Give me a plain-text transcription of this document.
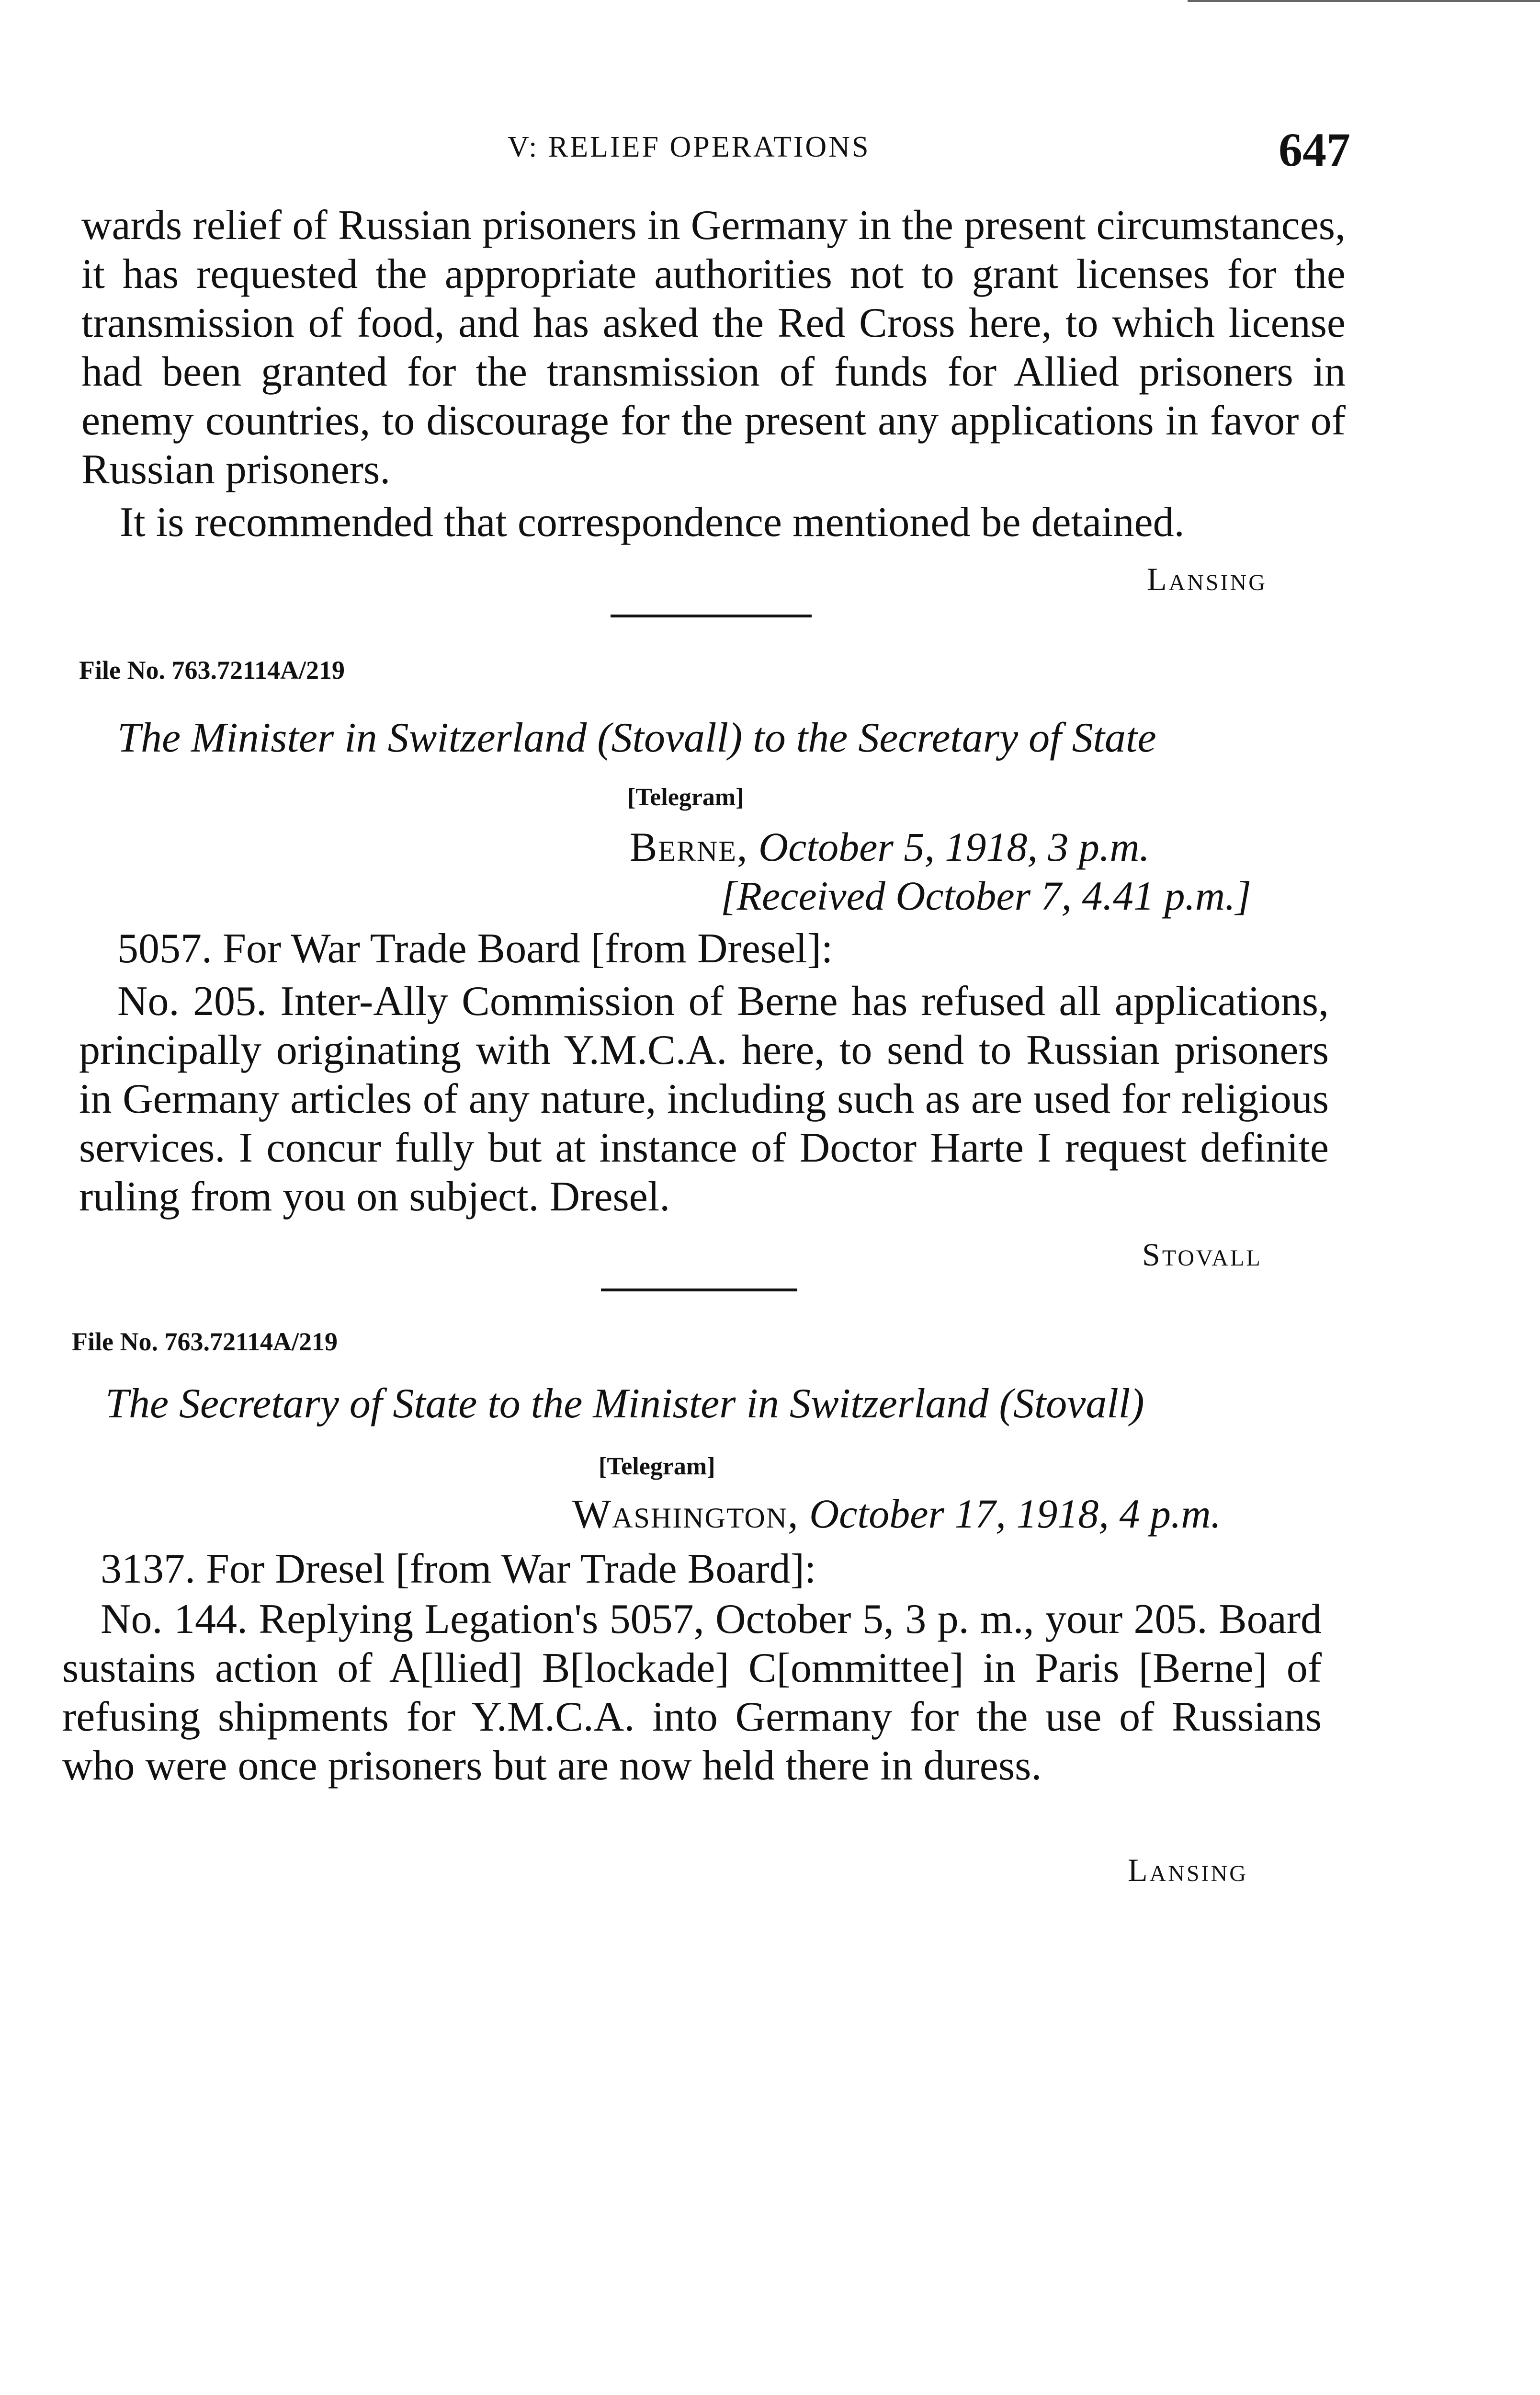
V: RELIEF OPERATIONS	647

wards relief of Russian prisoners in Germany in the present circumstances, it has requested the appropriate authorities not to grant licenses for the transmission of food, and has asked the Red Cross here, to which license had been granted for the transmission of funds for Allied prisoners in enemy countries, to discourage for the present any applications in favor of Russian prisoners.

It is recommended that correspondence mentioned be detained.

Lansing
File No. 763.72114A/219
The Minister in Switzerland (Stovall) to the Secretary of State
[Telegram]
Berne, October 5, 1918, 3 p.m.
[Received October 7, 4.41 p.m.]

5057. For War Trade Board [from Dresel]:

No. 205. Inter-Ally Commission of Berne has refused all applications, principally originating with Y.M.C.A. here, to send to Russian prisoners in Germany articles of any nature, including such as are used for religious services. I concur fully but at instance of Doctor Harte I request definite ruling from you on subject. Dresel.

Stovall
File No. 763.72114A/219
The Secretary of State to the Minister in Switzerland (Stovall)
[Telegram]
Washington, October 17, 1918, 4 p.m.

3137. For Dresel [from War Trade Board]:

No. 144. Replying Legation's 5057, October 5, 3 p. m., your 205. Board sustains action of A[llied] B[lockade] C[ommittee] in Paris [Berne] of refusing shipments for Y.M.C.A. into Germany for the use of Russians who were once prisoners but are now held there in duress.

Lansing
